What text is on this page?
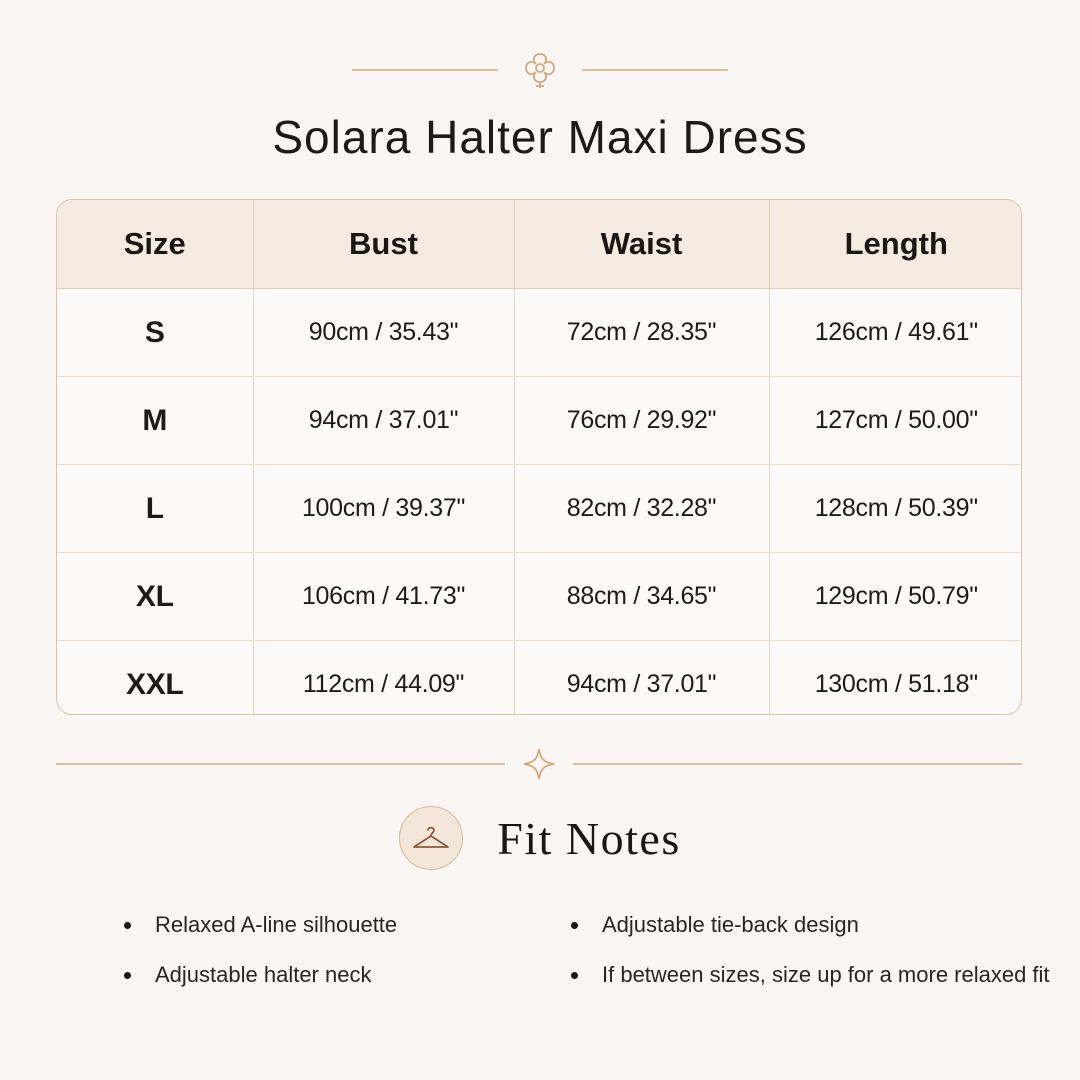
Solara Halter Maxi Dress
Size	Bust	Waist	Length
S	90cm / 35.43"	72cm / 28.35"	126cm / 49.61"
M	94cm / 37.01"	76cm / 29.92"	127cm / 50.00"
L	100cm / 39.37"	82cm / 32.28"	128cm / 50.39"
XL	106cm / 41.73"	88cm / 34.65"	129cm / 50.79"
XXL	112cm / 44.09"	94cm / 37.01"	130cm / 51.18"
Fit Notes
Relaxed A-line silhouette
Adjustable halter neck
Adjustable tie-back design
If between sizes, size up for a more relaxed fit
